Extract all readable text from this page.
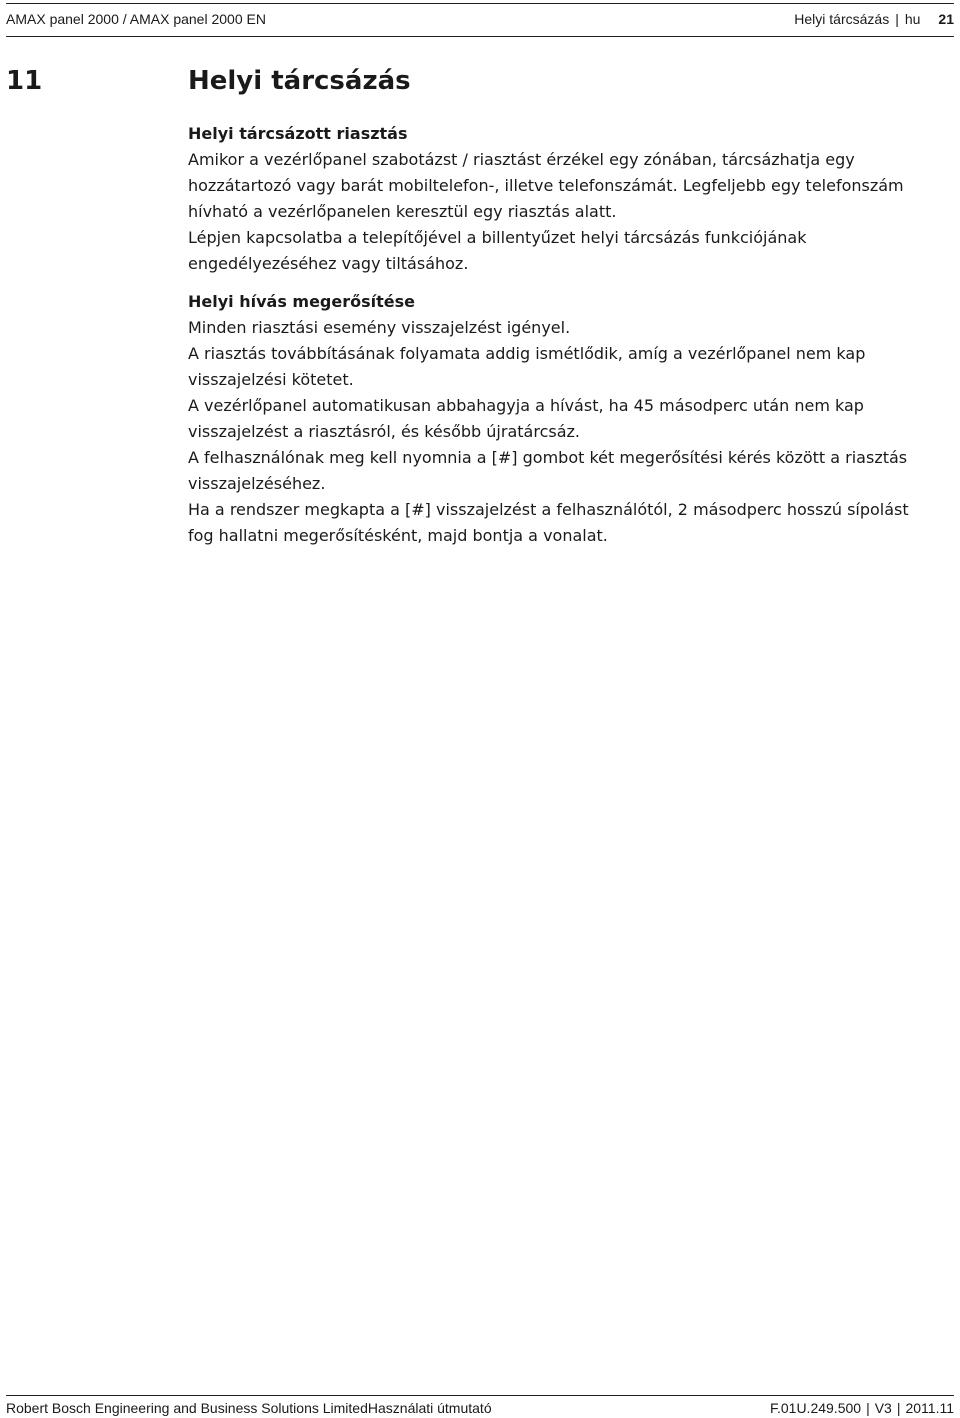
AMAX panel 2000 / AMAX panel 2000 EN	Helyi tárcsázás | hu 21
11	Helyi tárcsázás
Helyi tárcsázott riasztás

Amikor a vezérlőpanel szabotázst / riasztást érzékel egy zónában, tárcsázhatja egy hozzátartozó vagy barát mobiltelefon-, illetve telefonszámát. Legfeljebb egy telefonszám hívható a vezérlőpanelen keresztül egy riasztás alatt.

Lépjen kapcsolatba a telepítőjével a billentyűzet helyi tárcsázás funkciójának engedélyezéséhez vagy tiltásához.

Helyi hívás megerősítése

Minden riasztási esemény visszajelzést igényel.

A riasztás továbbításának folyamata addig ismétlődik, amíg a vezérlőpanel nem kap visszajelzési kötetet.

A vezérlőpanel automatikusan abbahagyja a hívást, ha 45 másodperc után nem kap visszajelzést a riasztásról, és később újratárcsáz.

A felhasználónak meg kell nyomnia a [#] gombot két megerősítési kérés között a riasztás visszajelzéséhez.

Ha a rendszer megkapta a [#] visszajelzést a felhasználótól, 2 másodperc hosszú sípolást fog hallatni megerősítésként, majd bontja a vonalat.

Robert Bosch Engineering and Business Solutions LimitedHasználati útmutató	F.01U.249.500 | V3 | 2011.11
